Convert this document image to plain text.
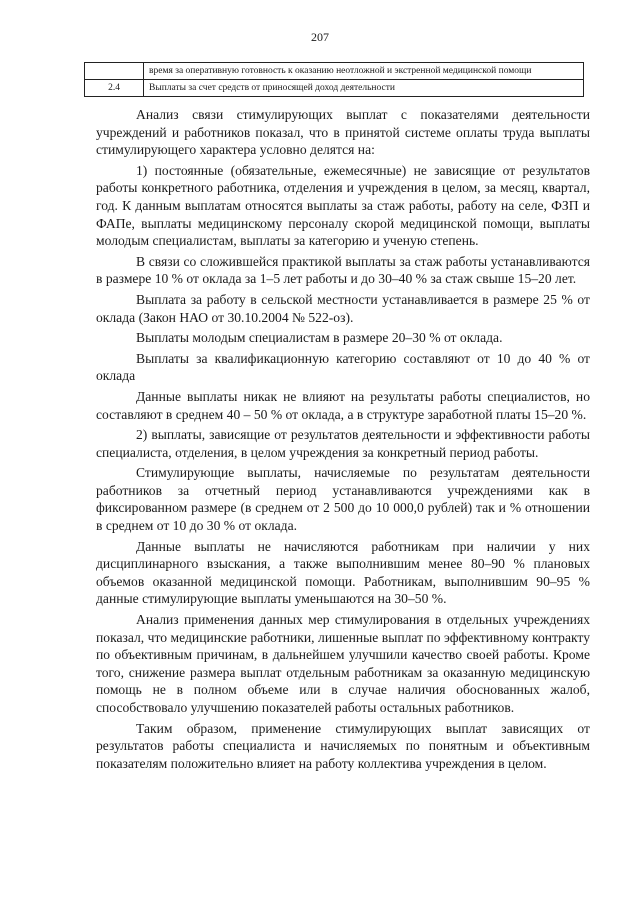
207
	время за оперативную готовность к оказанию неотложной и экстренной медицинской помощи
2.4	Выплаты за счет средств от приносящей доход деятельности

Анализ связи стимулирующих выплат с показателями деятельности учреждений и работников показал, что в принятой системе оплаты труда выплаты стимулирующего характера условно делятся на:

1) постоянные (обязательные, ежемесячные) не зависящие от результатов работы конкретного работника, отделения и учреждения в целом, за месяц, квартал, год. К данным выплатам относятся выплаты за стаж работы, работу на селе, ФЗП и ФАПе, выплаты медицинскому персоналу скорой медицинской помощи, выплаты молодым специалистам, выплаты за категорию и ученую степень.

В связи со сложившейся практикой выплаты за стаж работы устанавливаются в размере 10 % от оклада за 1–5 лет работы и до 30–40 % за стаж свыше 15–20 лет.

Выплата за работу в сельской местности устанавливается в размере 25 % от оклада (Закон НАО от 30.10.2004 № 522-оз).

Выплаты молодым специалистам в размере 20–30 % от оклада.

Выплаты за квалификационную категорию составляют от 10 до 40 % от оклада

Данные выплаты никак не влияют на результаты работы специалистов, но составляют в среднем 40 – 50 % от оклада, а в структуре заработной платы 15–20 %.

2) выплаты, зависящие от результатов деятельности и эффективности работы специалиста, отделения, в целом учреждения за конкретный период работы.

Стимулирующие выплаты, начисляемые по результатам деятельности работников за отчетный период устанавливаются учреждениями как в фиксированном размере (в среднем от 2 500 до 10 000,0 рублей) так и % отношении в среднем от 10 до 30 % от оклада.

Данные выплаты не начисляются работникам при наличии у них дисциплинарного взыскания, а также выполнившим менее 80–90 % плановых объемов оказанной медицинской помощи. Работникам, выполнившим 90–95 % данные стимулирующие выплаты уменьшаются на 30–50 %.

Анализ применения данных мер стимулирования в отдельных учреждениях показал, что медицинские работники, лишенные выплат по эффективному контракту по объективным причинам, в дальнейшем улучшили качество своей работы. Кроме того, снижение размера выплат отдельным работникам за оказанную медицинскую помощь не в полном объеме или в случае наличия обоснованных жалоб, способствовало улучшению показателей работы остальных работников.

Таким образом, применение стимулирующих выплат зависящих от результатов работы специалиста и начисляемых по понятным и объективным показателям положительно влияет на работу коллектива учреждения в целом.
